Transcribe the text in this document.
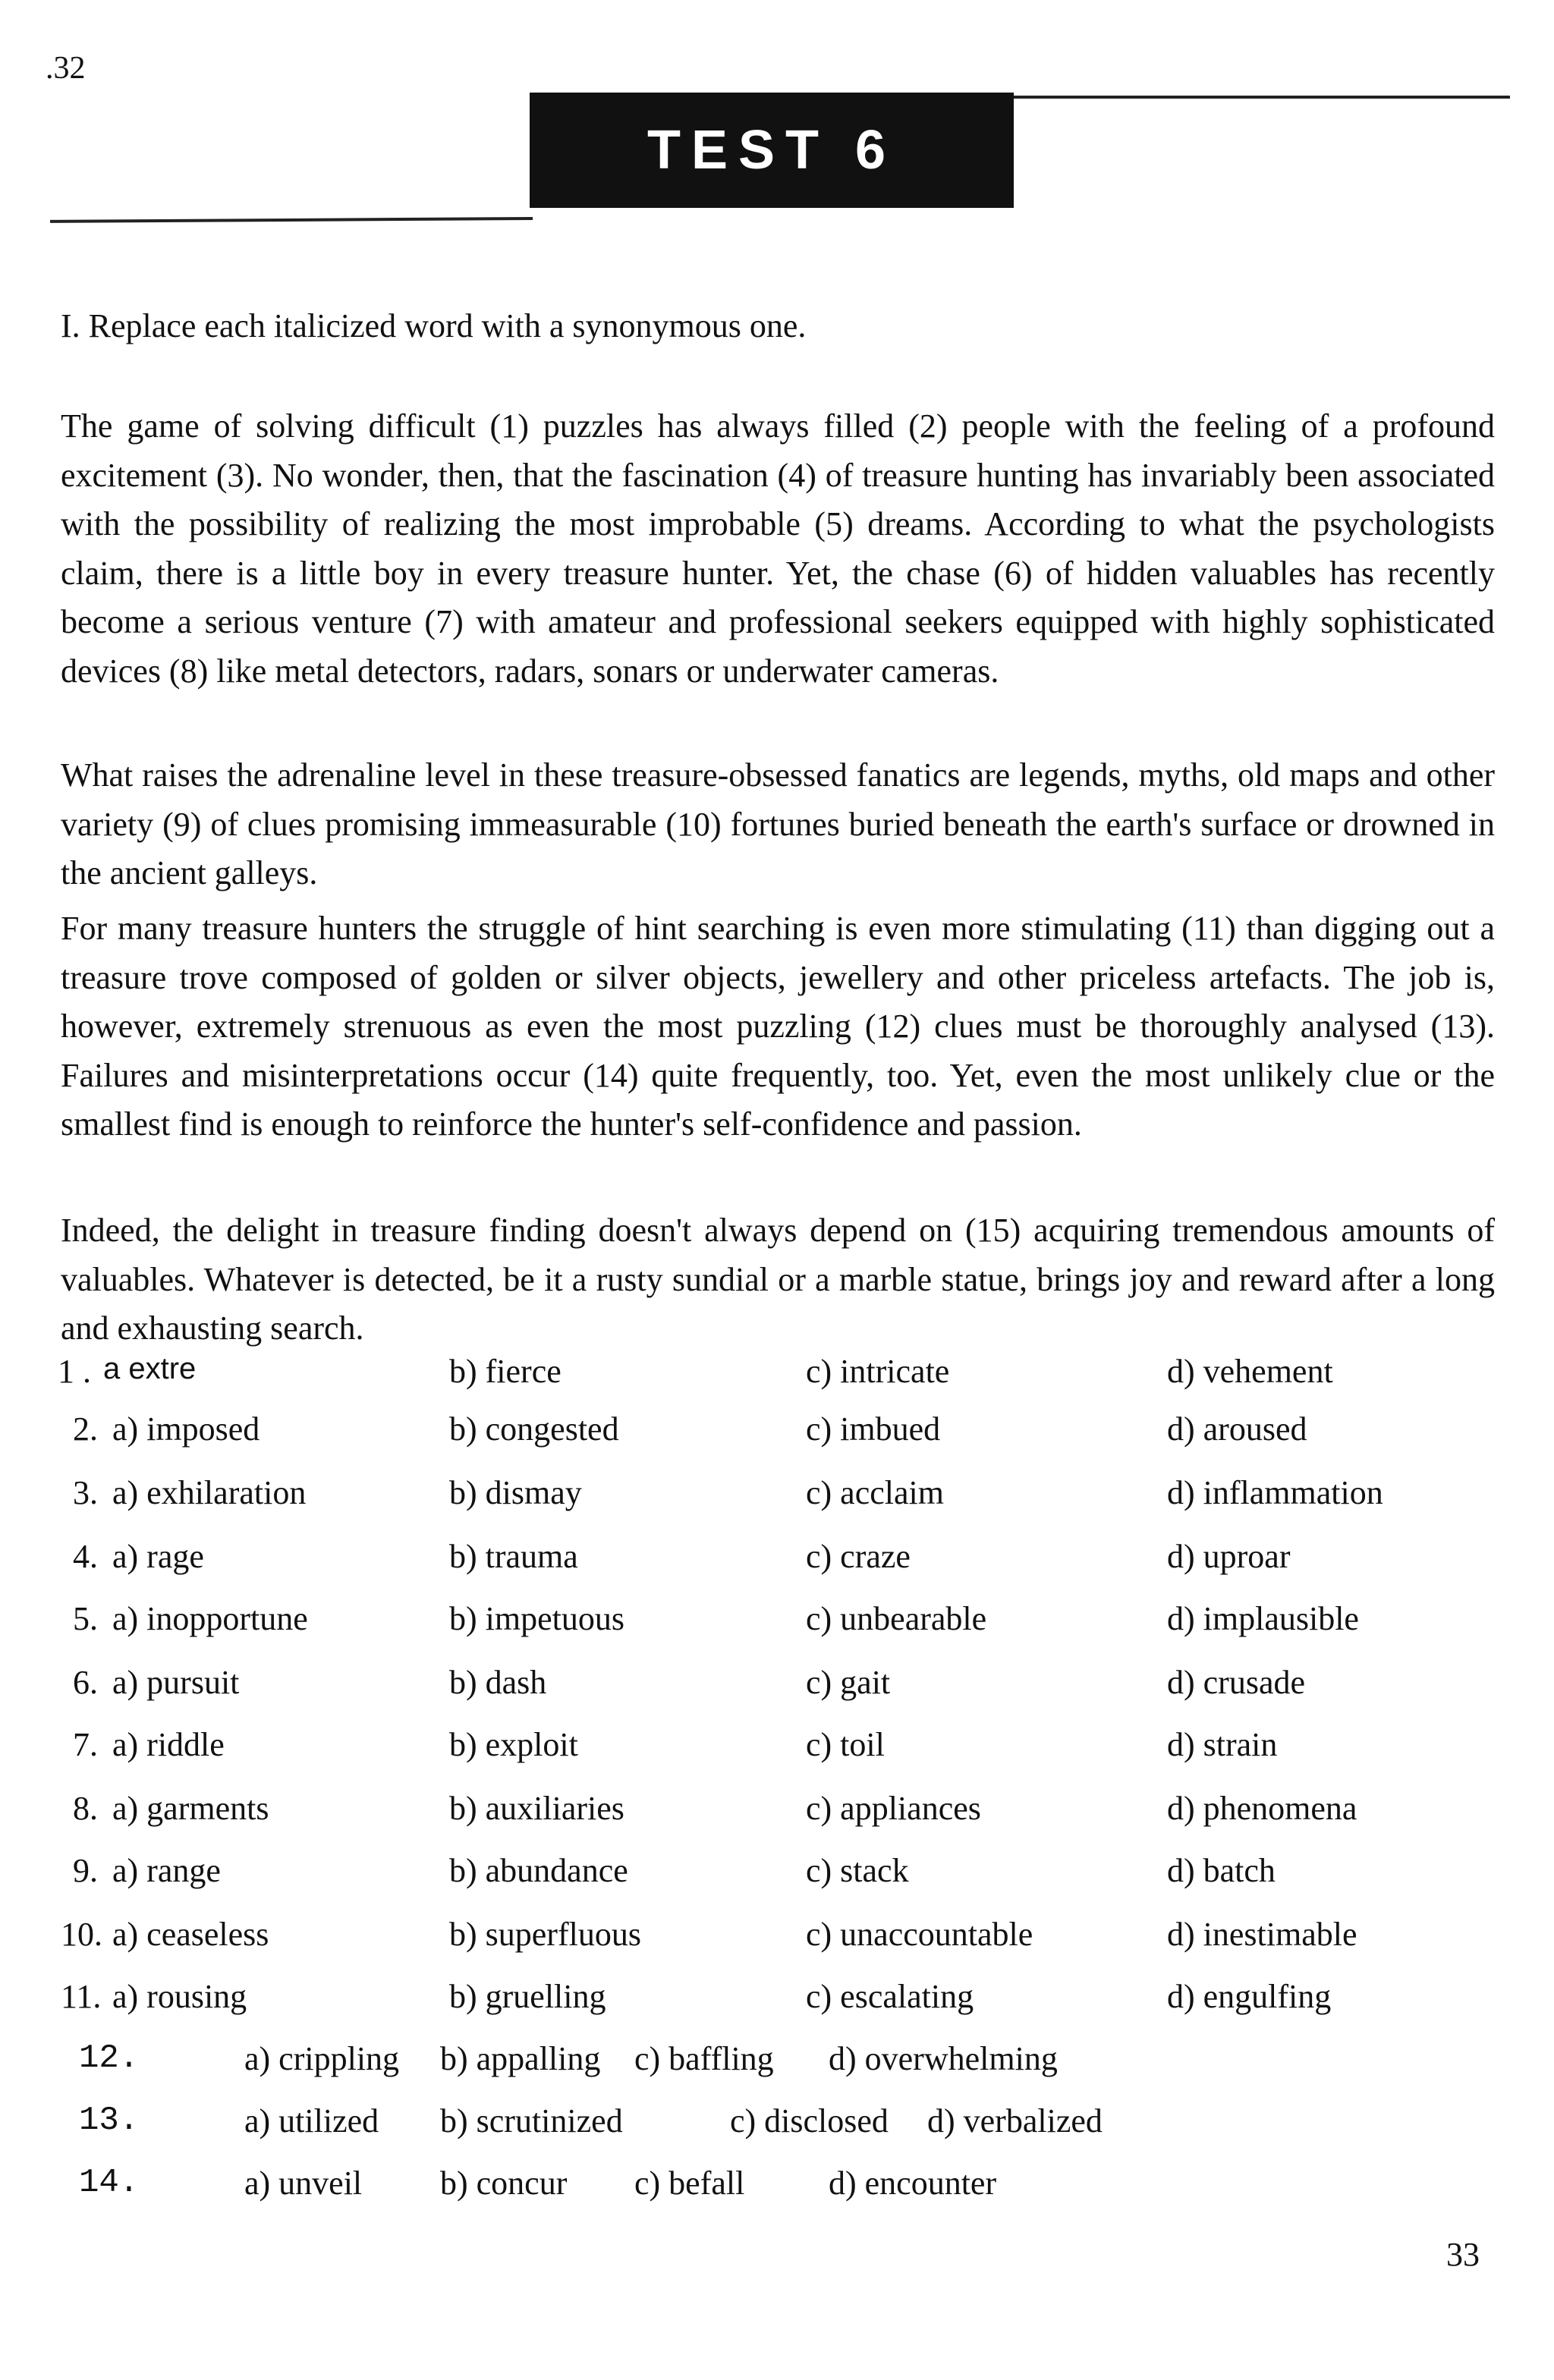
.32
TEST 6
I. Replace each italicized word with a synonymous one.

The game of solving difficult (1) puzzles has always filled (2) people with the feeling of a profound excitement (3). No wonder, then, that the fascination (4) of treasure hunting has invariably been associated with the possibility of realizing the most improbable (5) dreams. According to what the psychologists claim, there is a little boy in every treasure hunter. Yet, the chase (6) of hidden valuables has recently become a serious venture (7) with amateur and professional seekers equipped with highly sophisticated devices (8) like metal detectors, radars, sonars or underwater cameras.

What raises the adrenaline level in these treasure-obsessed fanatics are legends, myths, old maps and other variety (9) of clues promising immeasurable (10) fortunes buried beneath the earth's surface or drowned in the ancient galleys.

For many treasure hunters the struggle of hint searching is even more stimulating (11) than digging out a treasure trove composed of golden or silver objects, jewellery and other priceless artefacts. The job is, however, extremely strenuous as even the most puzzling (12) clues must be thoroughly analysed (13). Failures and misinterpretations occur (14) quite frequently, too. Yet, even the most unlikely clue or the smallest find is enough to reinforce the hunter's self-confidence and passion.

Indeed, the delight in treasure finding doesn't always depend on (15) acquiring tremendous amounts of valuables. Whatever is detected, be it a rusty sundial or a marble statue, brings joy and reward after a long and exhausting search.

1 . a extre	b) fierce	c) intricate	d) vehement
2. a) imposed	b) congested	c) imbued	d) aroused
3. a) exhilaration	b) dismay	c) acclaim	d) inflammation
4. a) rage	b) trauma	c) craze	d) uproar
5. a) inopportune	b) impetuous	c) unbearable	d) implausible
6. a) pursuit	b) dash	c) gait	d) crusade
7. a) riddle	b) exploit	c) toil	d) strain
8. a) garments	b) auxiliaries	c) appliances	d) phenomena
9. a) range	b) abundance	c) stack	d) batch
10. a) ceaseless	b) superfluous	c) unaccountable	d) inestimable
11. a) rousing	b) gruelling	c) escalating	d) engulfing
12.	a) crippling b) appalling c) baffling d) overwhelming
13.	a) utilized b) scrutinized	c) disclosed d) verbalized
14.	a) unveil b) concur c) befall	d) encounter
33
